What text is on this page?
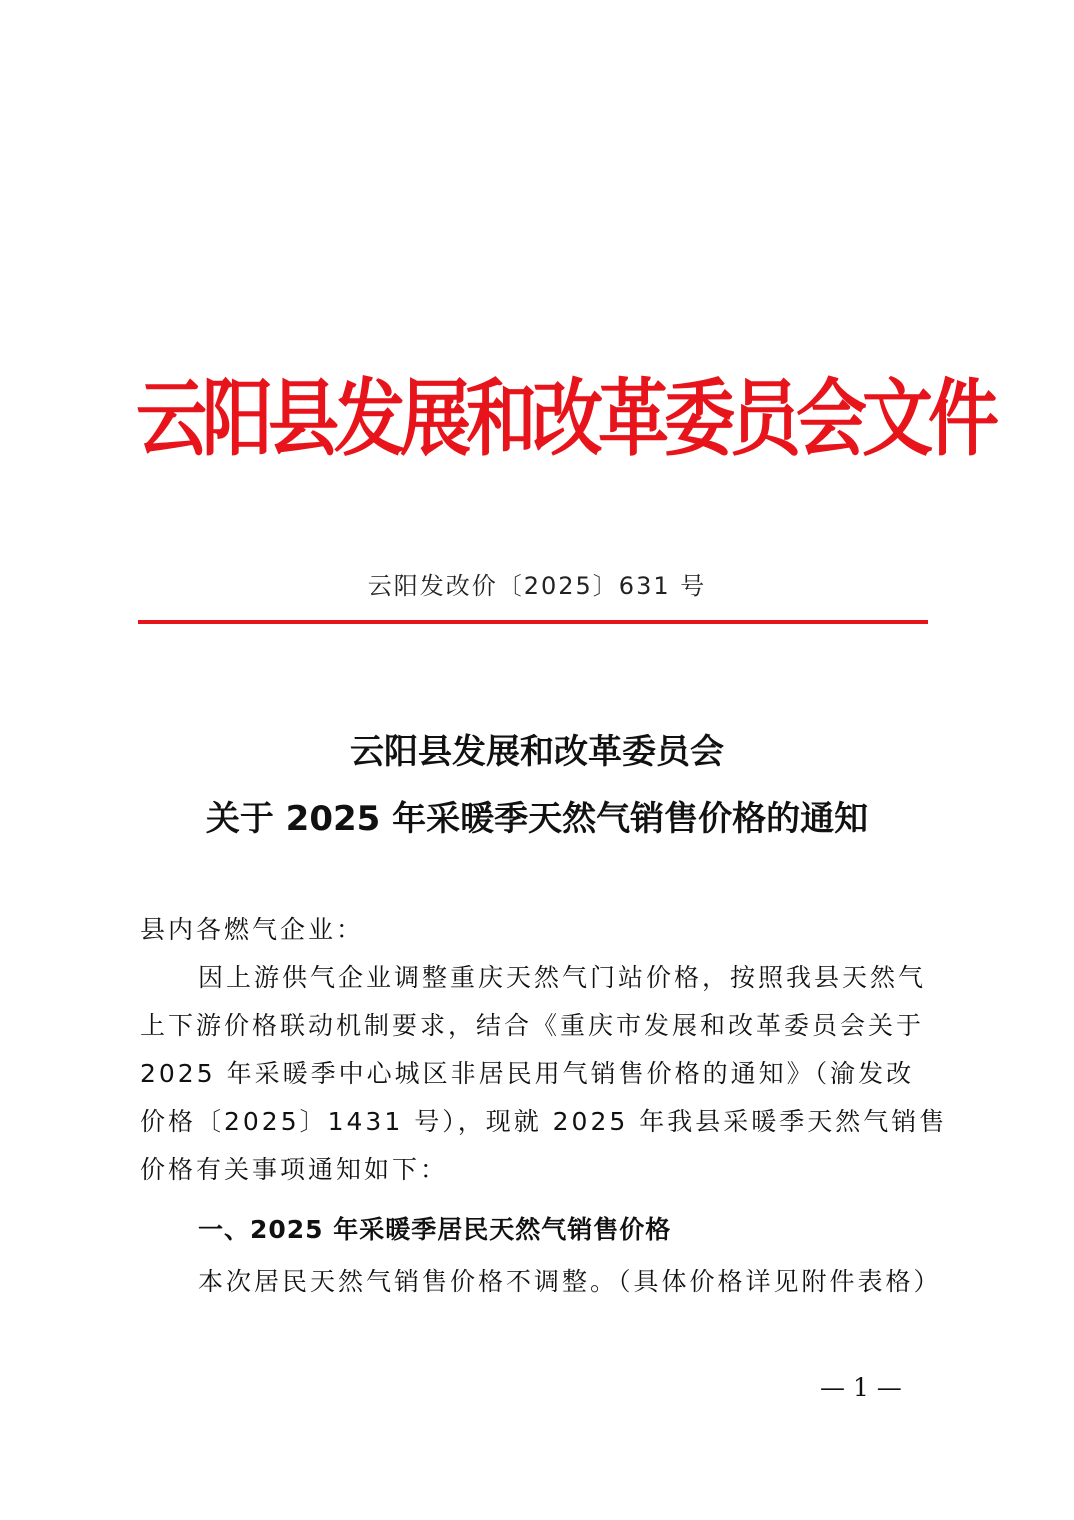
云阳县发展和改革委员会文件
云阳发改价〔2025〕631 号
云阳县发展和改革委员会
关于 2025 年采暖季天然气销售价格的通知
县内各燃气企业：
因上游供气企业调整重庆天然气门站价格，按照我县天然气
上下游价格联动机制要求，结合《重庆市发展和改革委员会关于
2025 年采暖季中心城区非居民用气销售价格的通知》（渝发改
价格〔2025〕1431 号），现就 2025 年我县采暖季天然气销售
价格有关事项通知如下：
一、2025 年采暖季居民天然气销售价格
本次居民天然气销售价格不调整。（具体价格详见附件表格）
— 1 —
